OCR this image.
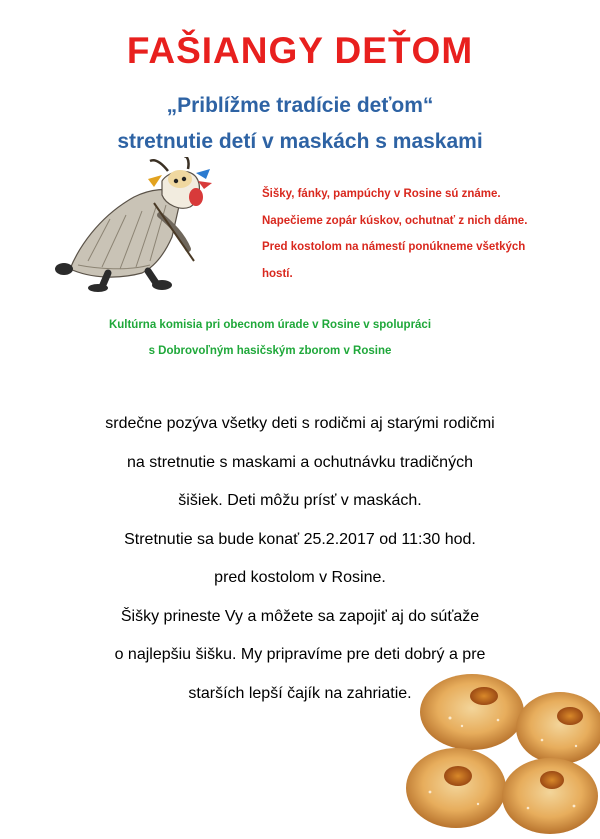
FAŠIANGY DEŤOM
„Priblížme tradície deťom“
stretnutie detí v maskách s maskami
Šišky, fánky, pampúchy v Rosine sú známe.
Napečieme zopár kúskov, ochutnať z nich dáme.
Pred kostolom na námestí ponúkneme všetkých
hostí.
Kultúrna komisia pri obecnom úrade v Rosine v spolupráci
s Dobrovoľným hasičským zborom v Rosine
srdečne pozýva všetky deti s rodičmi aj starými rodičmi
na stretnutie s maskami a ochutnávku tradičných
šišiek. Deti môžu prísť v maskách.
Stretnutie sa bude konať 25.2.2017 od 11:30 hod.
pred kostolom v Rosine.
Šišky prineste Vy a môžete sa zapojiť aj do súťaže
o najlepšiu šišku. My pripravíme pre deti dobrý a pre
starších lepší čajík na zahriatie.
